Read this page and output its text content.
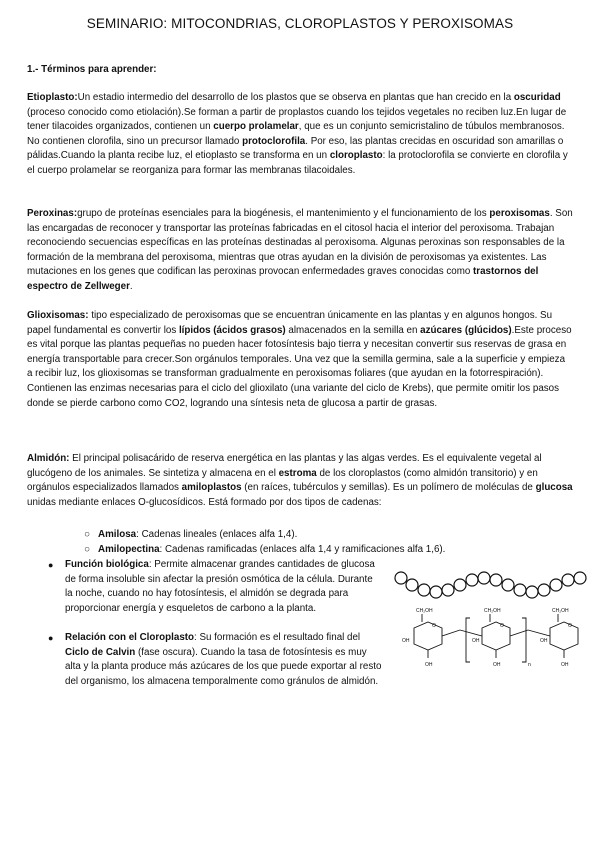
SEMINARIO: MITOCONDRIAS, CLOROPLASTOS Y PEROXISOMAS
1.- Términos para aprender:
Etioplasto:Un estadio intermedio del desarrollo de los plastos que se observa en plantas que han crecido en la oscuridad (proceso conocido como etiolación).Se forman a partir de proplastos cuando los tejidos vegetales no reciben luz.En lugar de tener tilacoides organizados, contienen un cuerpo prolamelar, que es un conjunto semicristalino de túbulos membranosos. No contienen clorofila, sino un precursor llamado protoclorofila. Por eso, las plantas crecidas en oscuridad son amarillas o pálidas.Cuando la planta recibe luz, el etioplasto se transforma en un cloroplasto: la protoclorofila se convierte en clorofila y el cuerpo prolamelar se reorganiza para formar las membranas tilacoidales.
Peroxinas:grupo de proteínas esenciales para la biogénesis, el mantenimiento y el funcionamiento de los peroxisomas. Son las encargadas de reconocer y transportar las proteínas fabricadas en el citosol hacia el interior del peroxisoma. Trabajan reconociendo secuencias específicas en las proteínas destinadas al peroxisoma. Algunas peroxinas son responsables de la formación de la membrana del peroxisoma, mientras que otras ayudan en la división de peroxisomas ya existentes. Las mutaciones en los genes que codifican las peroxinas provocan enfermedades graves conocidas como trastornos del espectro de Zellweger.
Glioxisomas: tipo especializado de peroxisomas que se encuentran únicamente en las plantas y en algunos hongos. Su papel fundamental es convertir los lípidos (ácidos grasos) almacenados en la semilla en azúcares (glúcidos).Este proceso es vital porque las plantas pequeñas no pueden hacer fotosíntesis bajo tierra y necesitan convertir sus reservas de grasa en energía transportable para crecer.Son orgánulos temporales. Una vez que la semilla germina, sale a la superficie y empieza a recibir luz, los glioxisomas se transforman gradualmente en peroxisomas foliares (que ayudan en la fotorrespiración).
Contienen las enzimas necesarias para el ciclo del glioxilato (una variante del ciclo de Krebs), que permite omitir los pasos donde se pierde carbono como CO2, logrando una síntesis neta de glucosa a partir de grasas.
Almidón: El principal polisacárido de reserva energética en las plantas y las algas verdes. Es el equivalente vegetal al glucógeno de los animales. Se sintetiza y almacena en el estroma de los cloroplastos (como almidón transitorio) y en orgánulos especializados llamados amiloplastos (en raíces, tubérculos y semillas). Es un polímero de moléculas de glucosa unidas mediante enlaces O-glucosídicos. Está formado por dos tipos de cadenas:
○ Amilosa: Cadenas lineales (enlaces alfa 1,4).
○ Amilopectina: Cadenas ramificadas (enlaces alfa 1,4 y ramificaciones alfa 1,6).
● Función biológica: Permite almacenar grandes cantidades de glucosa de forma insoluble sin afectar la presión osmótica de la célula. Durante la noche, cuando no hay fotosíntesis, el almidón se degrada para proporcionar energía y esqueletos de carbono a la planta.
● Relación con el Cloroplasto: Su formación es el resultado final del Ciclo de Calvin (fase oscura). Cuando la tasa de fotosíntesis es muy alta y la planta produce más azúcares de los que puede exportar al resto del organismo, los almacena temporalmente como gránulos de almidón.
CH₂OH	CH₂OH	CH₂OH
O	O	O
OH
OH
OH
OH
OH
OH
n
